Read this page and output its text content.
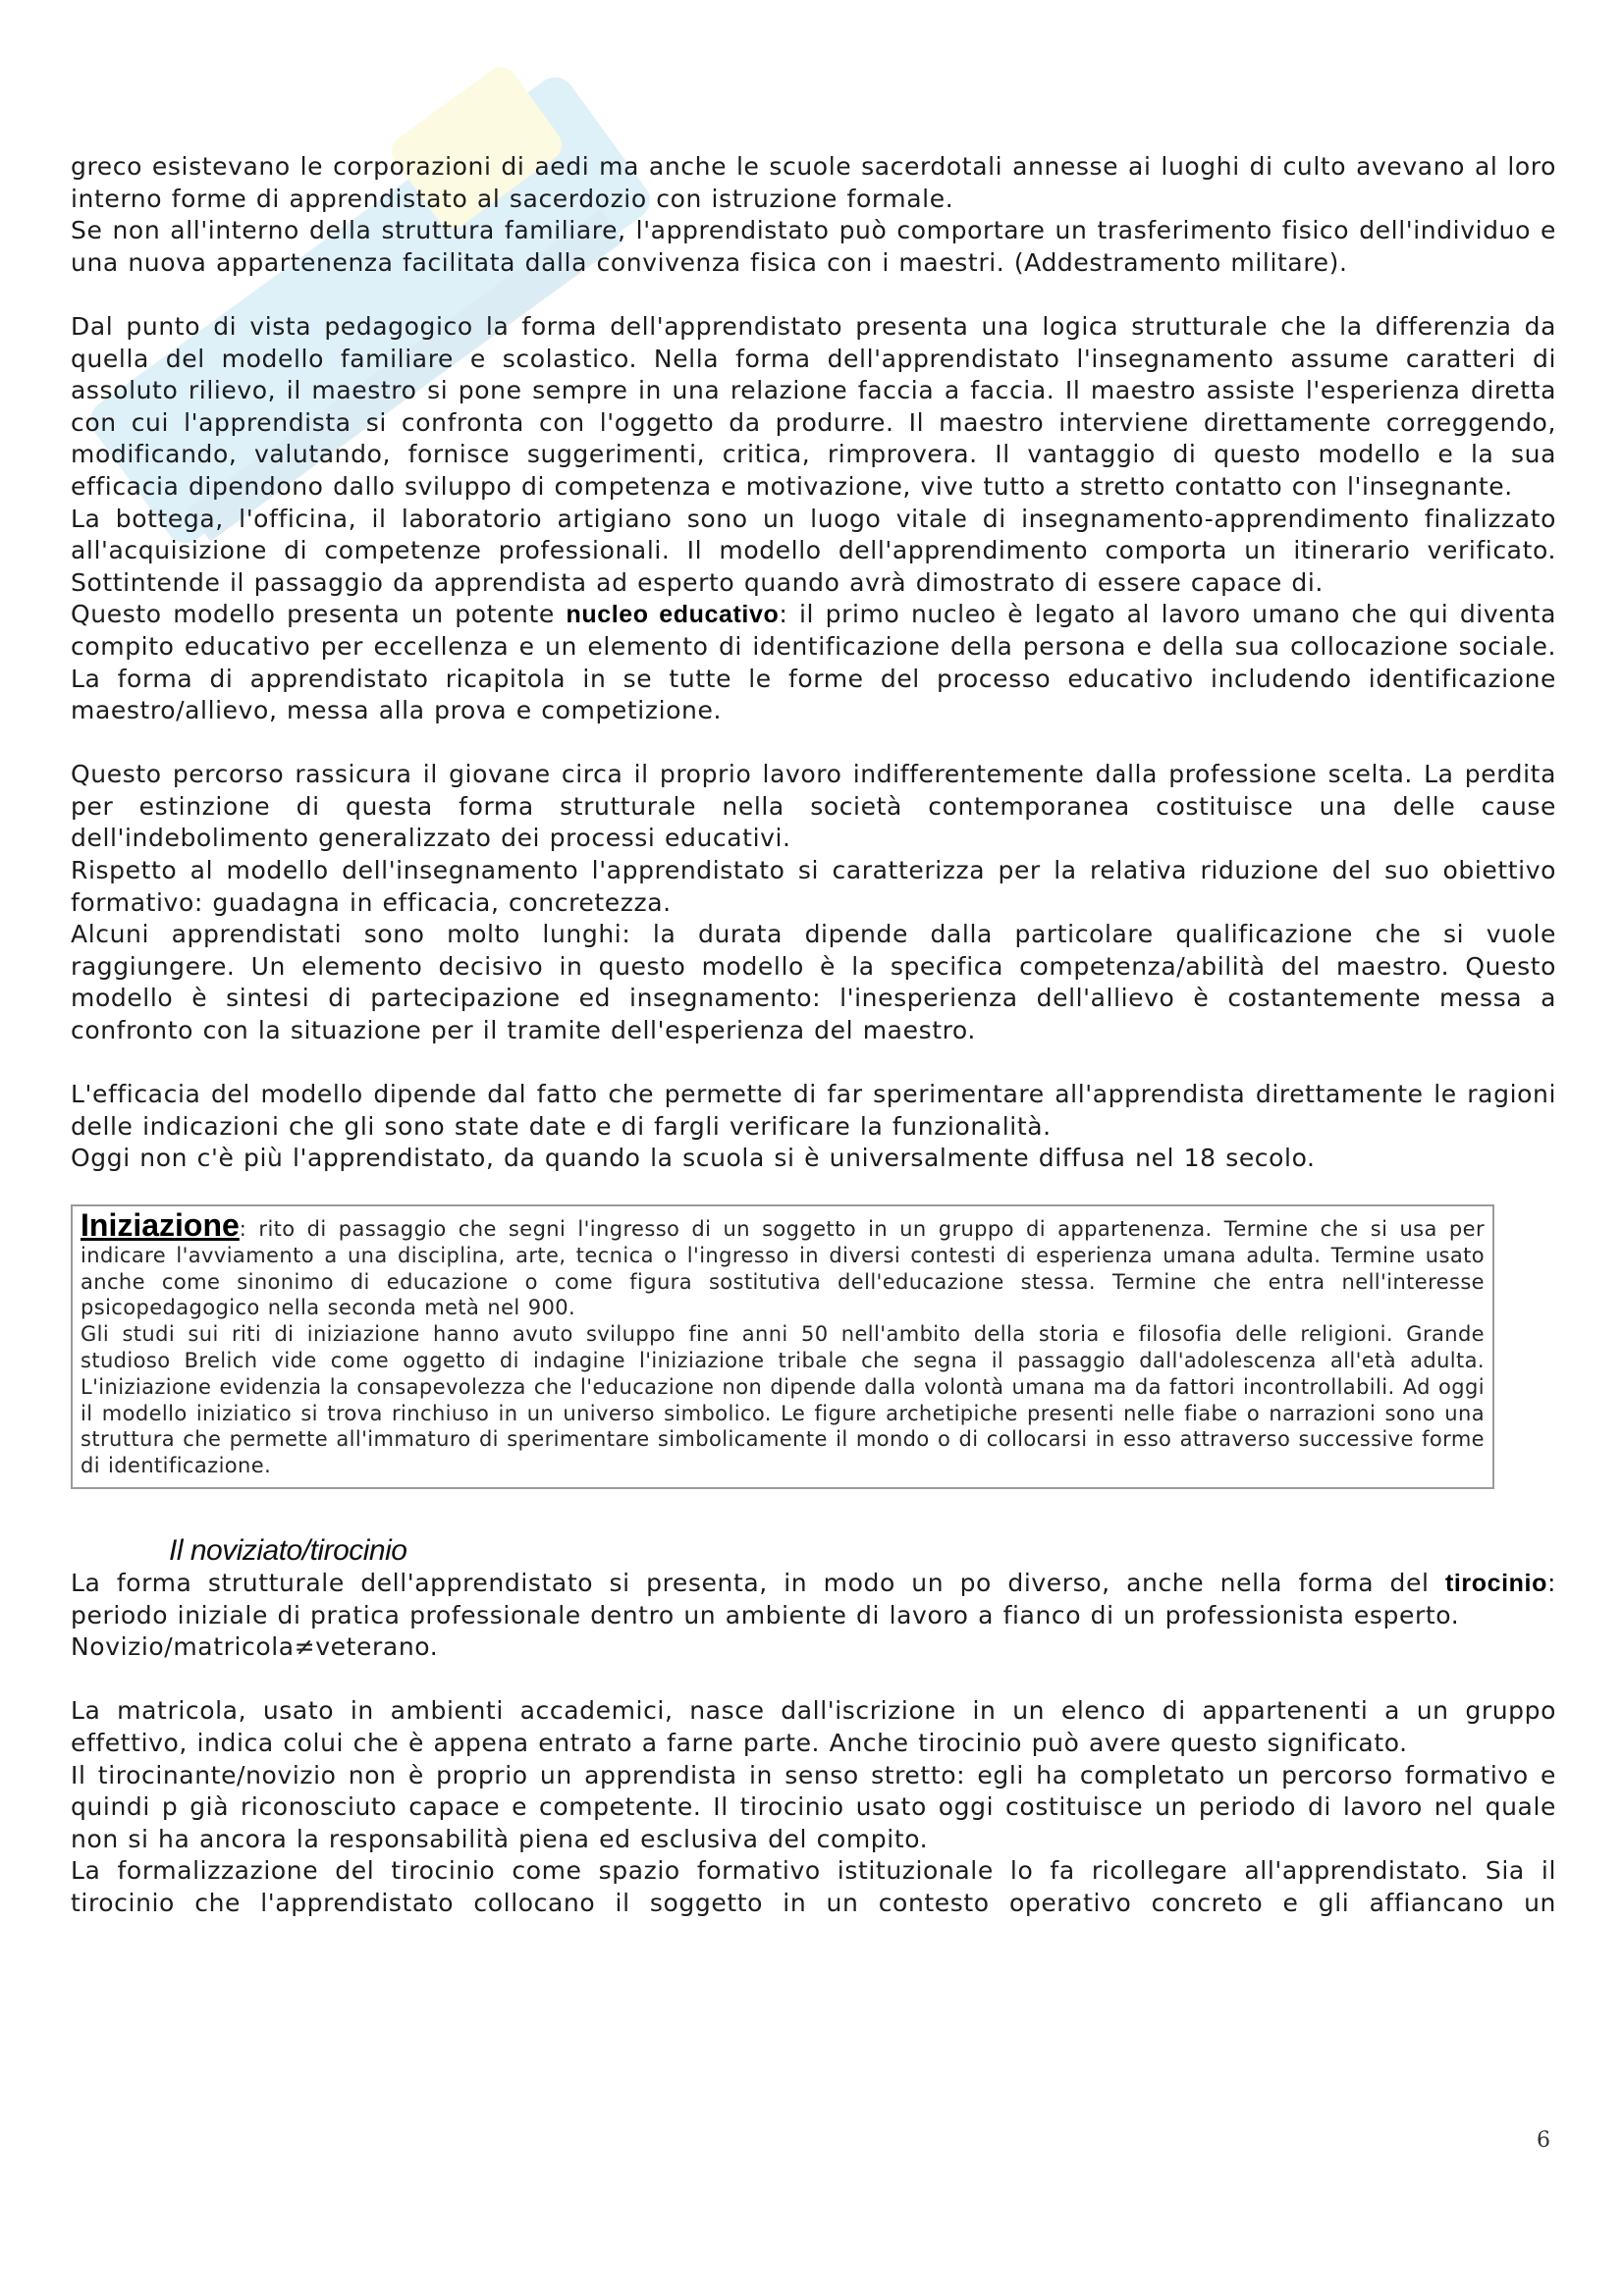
greco esistevano le corporazioni di aedi ma anche le scuole sacerdotali annesse ai luoghi di culto avevano al loro interno forme di apprendistato al sacerdozio con istruzione formale.

Se non all'interno della struttura familiare, l'apprendistato può comportare un trasferimento fisico dell'individuo e una nuova appartenenza facilitata dalla convivenza fisica con i maestri. (Addestramento militare).

Dal punto di vista pedagogico la forma dell'apprendistato presenta una logica strutturale che la differenzia da quella del modello familiare e scolastico. Nella forma dell'apprendistato l'insegnamento assume caratteri di assoluto rilievo, il maestro si pone sempre in una relazione faccia a faccia. Il maestro assiste l'esperienza diretta con cui l'apprendista si confronta con l'oggetto da produrre. Il maestro interviene direttamente correggendo, modificando, valutando, fornisce suggerimenti, critica, rimprovera. Il vantaggio di questo modello e la sua efficacia dipendono dallo sviluppo di competenza e motivazione, vive tutto a stretto contatto con l'insegnante.

La bottega, l'officina, il laboratorio artigiano sono un luogo vitale di insegnamento-apprendimento finalizzato all'acquisizione di competenze professionali. Il modello dell'apprendimento comporta un itinerario verificato. Sottintende il passaggio da apprendista ad esperto quando avrà dimostrato di essere capace di.

Questo modello presenta un potente nucleo educativo: il primo nucleo è legato al lavoro umano che qui diventa compito educativo per eccellenza e un elemento di identificazione della persona e della sua collocazione sociale. La forma di apprendistato ricapitola in se tutte le forme del processo educativo includendo identificazione maestro/allievo, messa alla prova e competizione.

Questo percorso rassicura il giovane circa il proprio lavoro indifferentemente dalla professione scelta. La perdita per estinzione di questa forma strutturale nella società contemporanea costituisce una delle cause dell'indebolimento generalizzato dei processi educativi.

Rispetto al modello dell'insegnamento l'apprendistato si caratterizza per la relativa riduzione del suo obiettivo formativo: guadagna in efficacia, concretezza.

Alcuni apprendistati sono molto lunghi: la durata dipende dalla particolare qualificazione che si vuole raggiungere. Un elemento decisivo in questo modello è la specifica competenza/abilità del maestro. Questo modello è sintesi di partecipazione ed insegnamento: l'inesperienza dell'allievo è costantemente messa a confronto con la situazione per il tramite dell'esperienza del maestro.

L'efficacia del modello dipende dal fatto che permette di far sperimentare all'apprendista direttamente le ragioni delle indicazioni che gli sono state date e di fargli verificare la funzionalità.

Oggi non c'è più l'apprendistato, da quando la scuola si è universalmente diffusa nel 18 secolo.

Iniziazione: rito di passaggio che segni l'ingresso di un soggetto in un gruppo di appartenenza. Termine che si usa per indicare l'avviamento a una disciplina, arte, tecnica o l'ingresso in diversi contesti di esperienza umana adulta. Termine usato anche come sinonimo di educazione o come figura sostitutiva dell'educazione stessa. Termine che entra nell'interesse psicopedagogico nella seconda metà nel 900.

Gli studi sui riti di iniziazione hanno avuto sviluppo fine anni 50 nell'ambito della storia e filosofia delle religioni. Grande studioso Brelich vide come oggetto di indagine l'iniziazione tribale che segna il passaggio dall'adolescenza all'età adulta. L'iniziazione evidenzia la consapevolezza che l'educazione non dipende dalla volontà umana ma da fattori incontrollabili. Ad oggi il modello iniziatico si trova rinchiuso in un universo simbolico. Le figure archetipiche presenti nelle fiabe o narrazioni sono una struttura che permette all'immaturo di sperimentare simbolicamente il mondo o di collocarsi in esso attraverso successive forme di identificazione.

Il noviziato/tirocinio

La forma strutturale dell'apprendistato si presenta, in modo un po diverso, anche nella forma del tirocinio: periodo iniziale di pratica professionale dentro un ambiente di lavoro a fianco di un professionista esperto.

Novizio/matricola≠veterano.

La matricola, usato in ambienti accademici, nasce dall'iscrizione in un elenco di appartenenti a un gruppo effettivo, indica colui che è appena entrato a farne parte. Anche tirocinio può avere questo significato.

Il tirocinante/novizio non è proprio un apprendista in senso stretto: egli ha completato un percorso formativo e quindi p già riconosciuto capace e competente. Il tirocinio usato oggi costituisce un periodo di lavoro nel quale non si ha ancora la responsabilità piena ed esclusiva del compito.

La formalizzazione del tirocinio come spazio formativo istituzionale lo fa ricollegare all'apprendistato. Sia il tirocinio che l'apprendistato collocano il soggetto in un contesto operativo concreto e gli affiancano un

6
